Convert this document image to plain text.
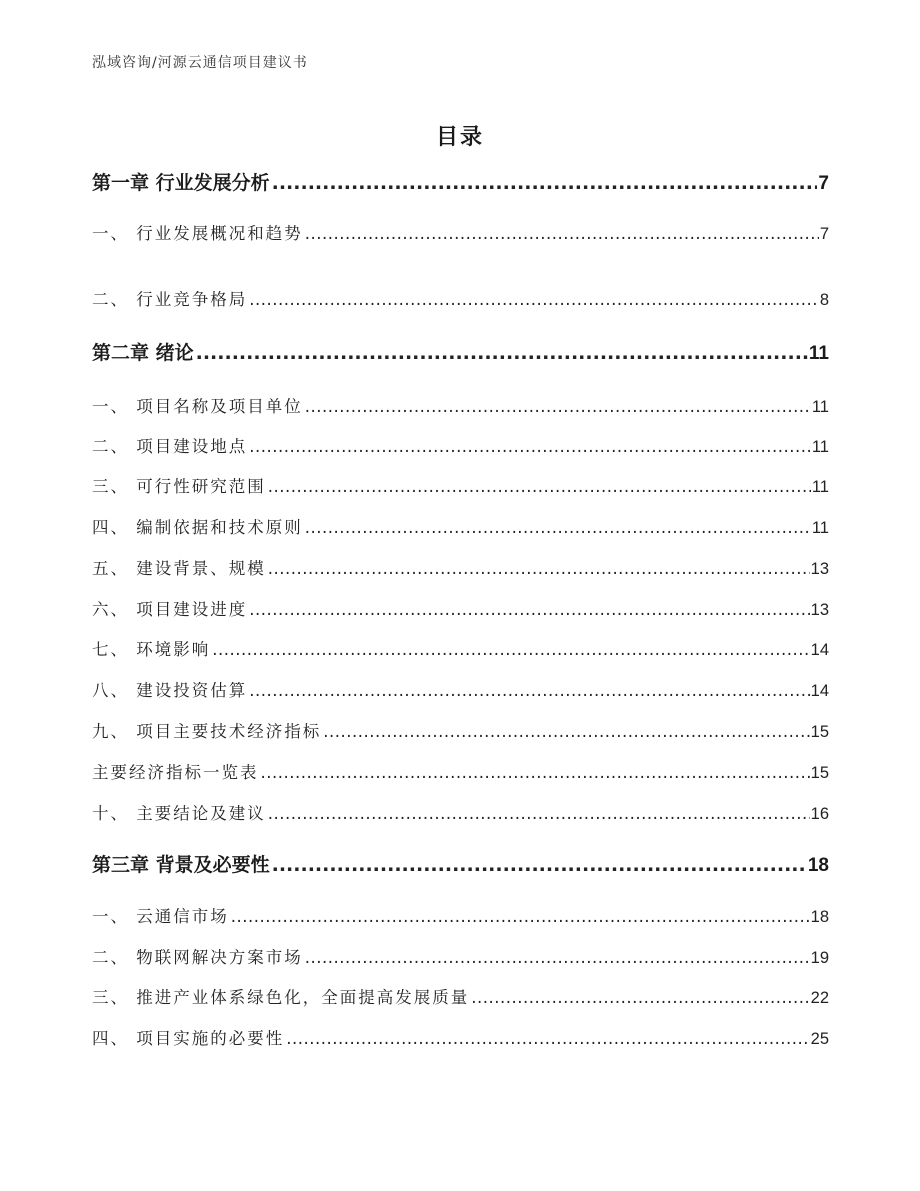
泓域咨询/河源云通信项目建议书
目录
第一章 行业发展分析 .....	7
一、 行业发展概况和趋势 .....	7
二、 行业竞争格局 .....	8
第二章 绪论 .....	11
一、 项目名称及项目单位 .....	11
二、 项目建设地点 .....	11
三、 可行性研究范围 .....	11
四、 编制依据和技术原则 .....	11
五、 建设背景、规模 .....	13
六、 项目建设进度 .....	13
七、 环境影响 .....	14
八、 建设投资估算 .....	14
九、 项目主要技术经济指标 .....	15
主要经济指标一览表 .....	15
十、 主要结论及建议 .....	16
第三章 背景及必要性 .....	18
一、 云通信市场 .....	18
二、 物联网解决方案市场 .....	19
三、 推进产业体系绿色化，全面提高发展质量 .....	22
四、 项目实施的必要性 .....	25
